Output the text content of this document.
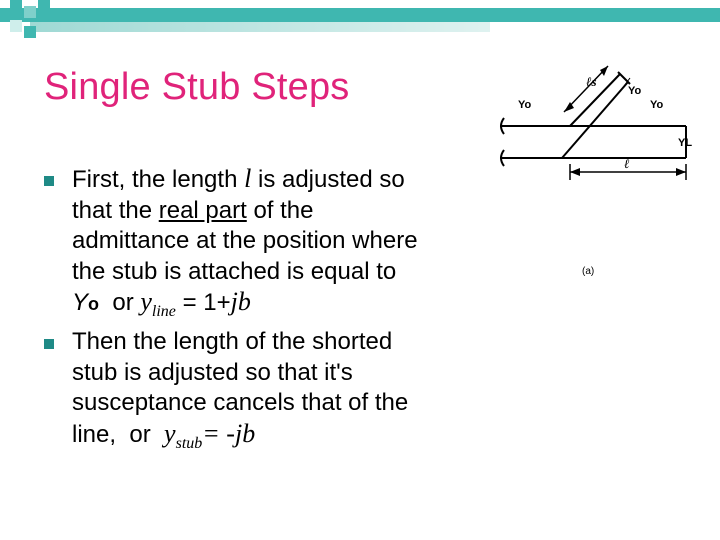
Single Stub Steps
First, the length l is adjusted so
that the real part of the
admittance at the position where
the stub is attached is equal to
Yo  or $y_{line} = 1+jb$
Then the length of the shorted
stub is adjusted so that it's
susceptance cancels that of the
line,  or  $y_{stub}= -jb$
ℓs
Yo
Yo	Yo
YL
ℓ
(a)
